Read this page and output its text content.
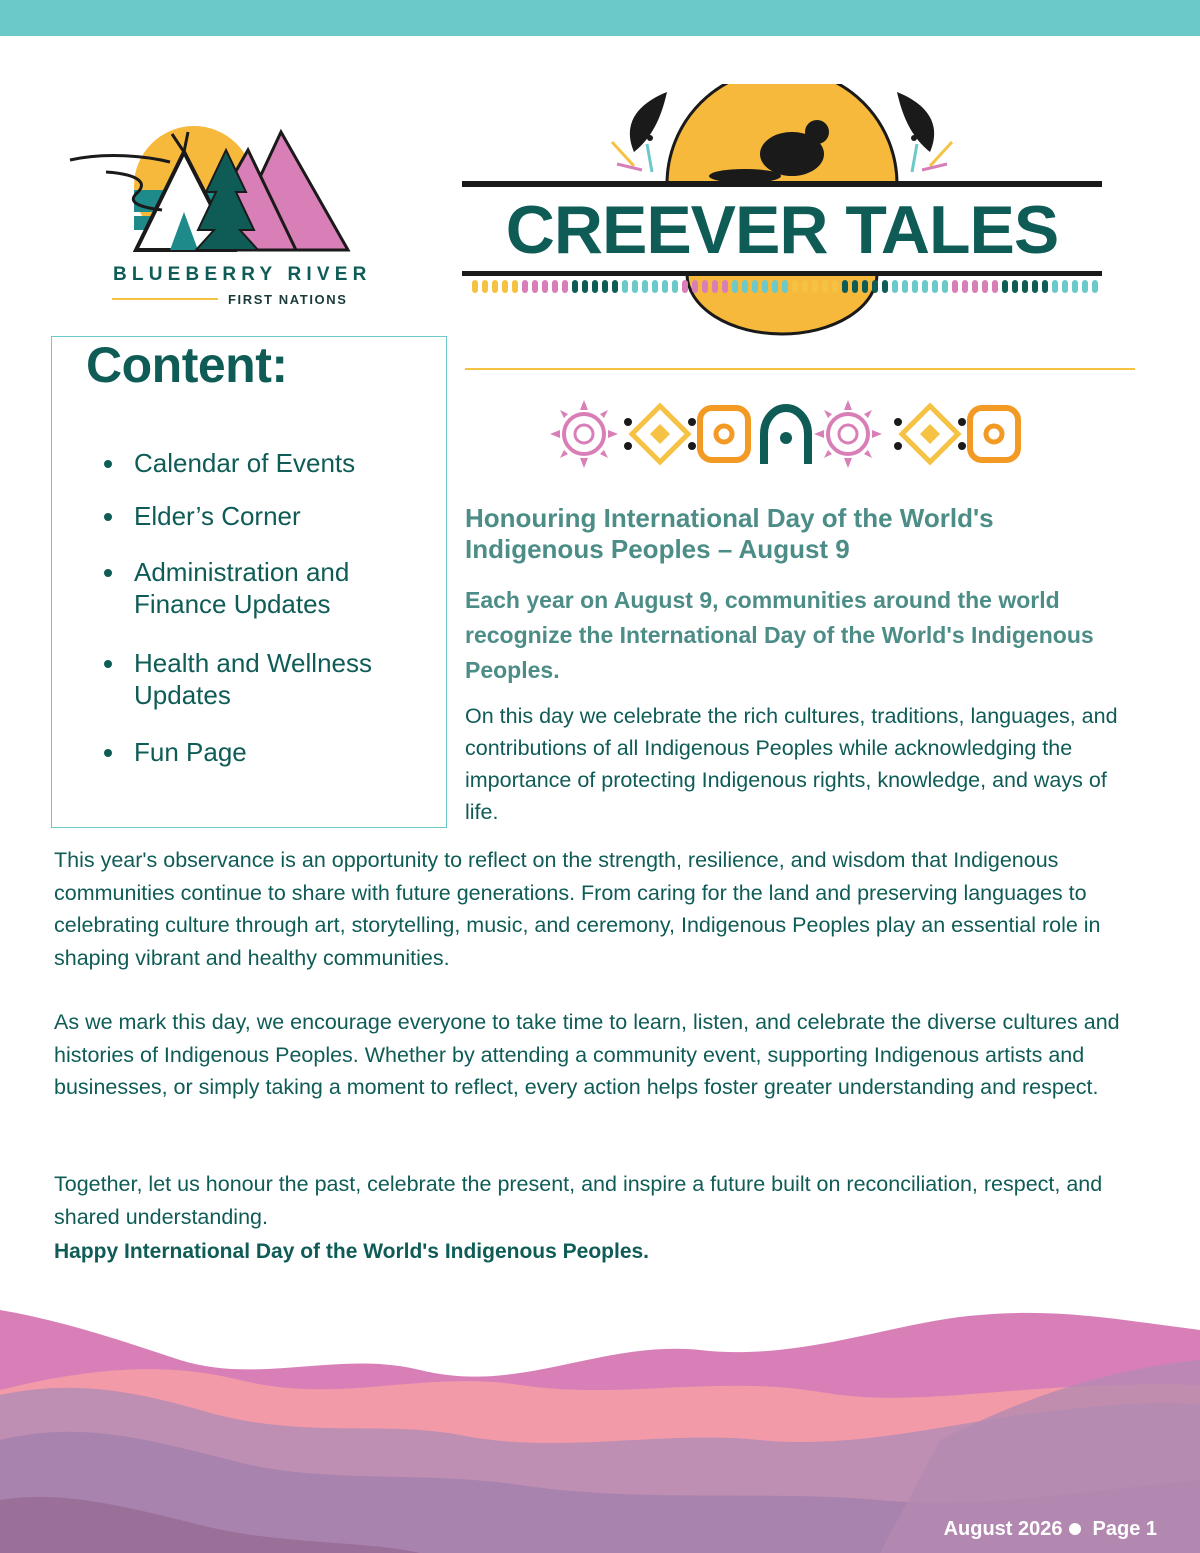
BLUEBERRY RIVER
FIRST NATIONS
CREEVER TALES
Content:
Calendar of Events
Elder’s Corner
Administration and Finance Updates
Health and Wellness Updates
Fun Page
Honouring International Day of the World's Indigenous Peoples – August 9
Each year on August 9, communities around the world recognize the International Day of the World's Indigenous Peoples.
On this day we celebrate the rich cultures, traditions, languages, and contributions of all Indigenous Peoples while acknowledging the importance of protecting Indigenous rights, knowledge, and ways of life.
This year's observance is an opportunity to reflect on the strength, resilience, and wisdom that Indigenous communities continue to share with future generations. From caring for the land and preserving languages to celebrating culture through art, storytelling, music, and ceremony, Indigenous Peoples play an essential role in shaping vibrant and healthy communities.
As we mark this day, we encourage everyone to take time to learn, listen, and celebrate the diverse cultures and histories of Indigenous Peoples. Whether by attending a community event, supporting Indigenous artists and businesses, or simply taking a moment to reflect, every action helps foster greater understanding and respect.
Together, let us honour the past, celebrate the present, and inspire a future built on reconciliation, respect, and shared understanding.
Happy International Day of the World's Indigenous Peoples.
August 2026 Page 1
